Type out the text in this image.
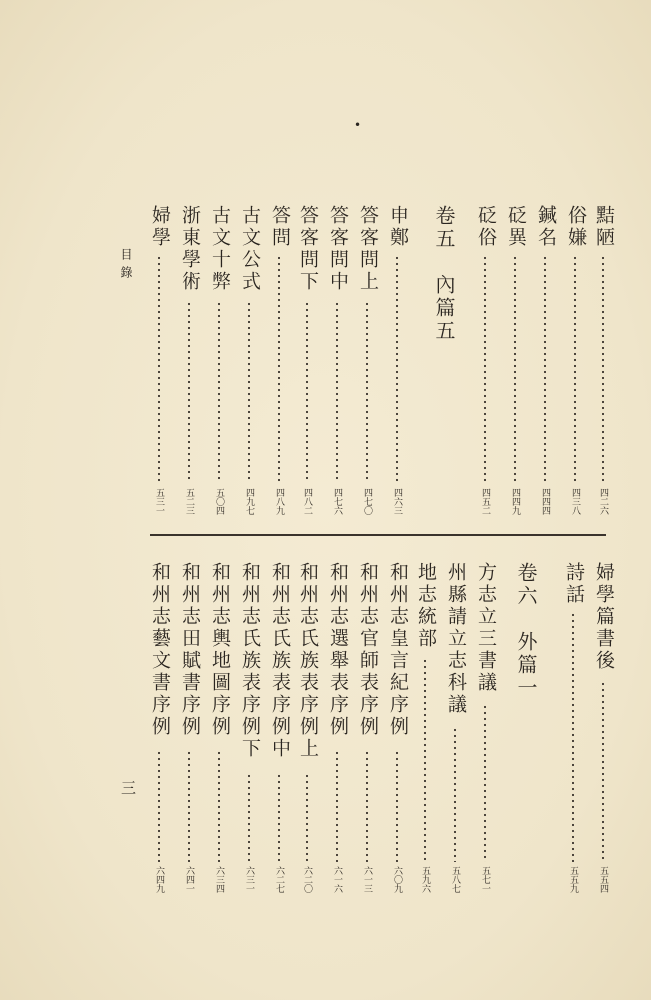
•
黠陋
四二六
俗嫌
四三八
鍼名
四四四
砭異
四四九
砭俗
四五二
卷五　內篇五
申鄭
四六三
答客問上
四七〇
答客問中
四七六
答客問下
四八二
答問
四八九
古文公式
四九七
古文十弊
五〇四
浙東學術
五二三
婦學
五三一
婦學篇書後
五五四
詩話
五五九
卷六　外篇一
方志立三書議
五七一
州縣請立志科議
五八七
地志統部
五九六
和州志皇言紀序例
六〇九
和州志官師表序例
六一三
和州志選舉表序例
六一六
和州志氏族表序例上
六二〇
和州志氏族表序例中
六二七
和州志氏族表序例下
六三一
和州志輿地圖序例
六三四
和州志田賦書序例
六四一
和州志藝文書序例
六四九
目錄
三
